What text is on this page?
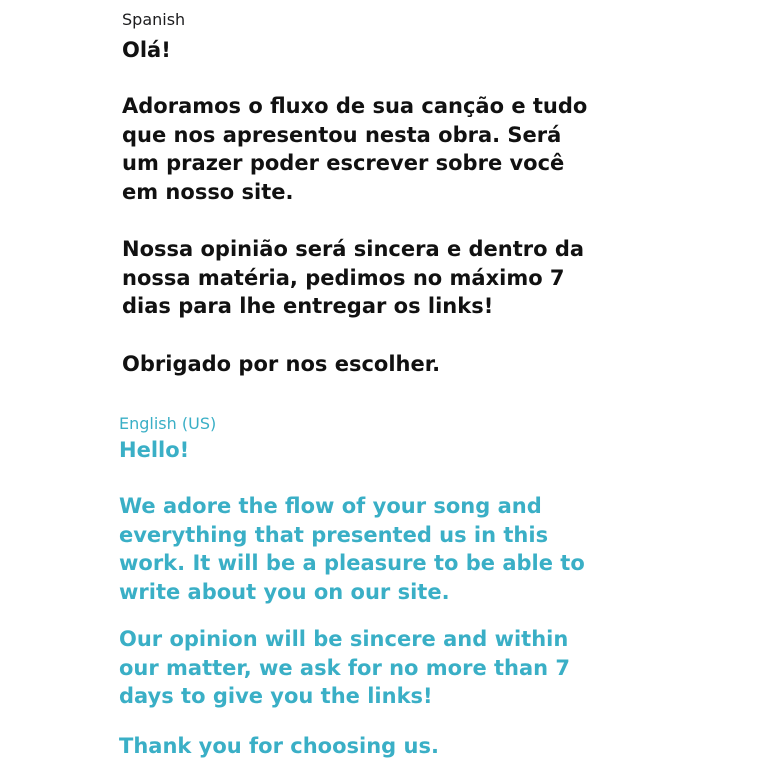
Spanish

Olá!

Adoramos o fluxo de sua canção e tudo
que nos apresentou nesta obra. Será
um prazer poder escrever sobre você
em nosso site.

Nossa opinião será sincera e dentro da
nossa matéria, pedimos no máximo 7
dias para lhe entregar os links!

Obrigado por nos escolher.

English (US)

Hello!

We adore the flow of your song and
everything that presented us in this
work. It will be a pleasure to be able to
write about you on our site.

Our opinion will be sincere and within
our matter, we ask for no more than 7
days to give you the links!

Thank you for choosing us.
